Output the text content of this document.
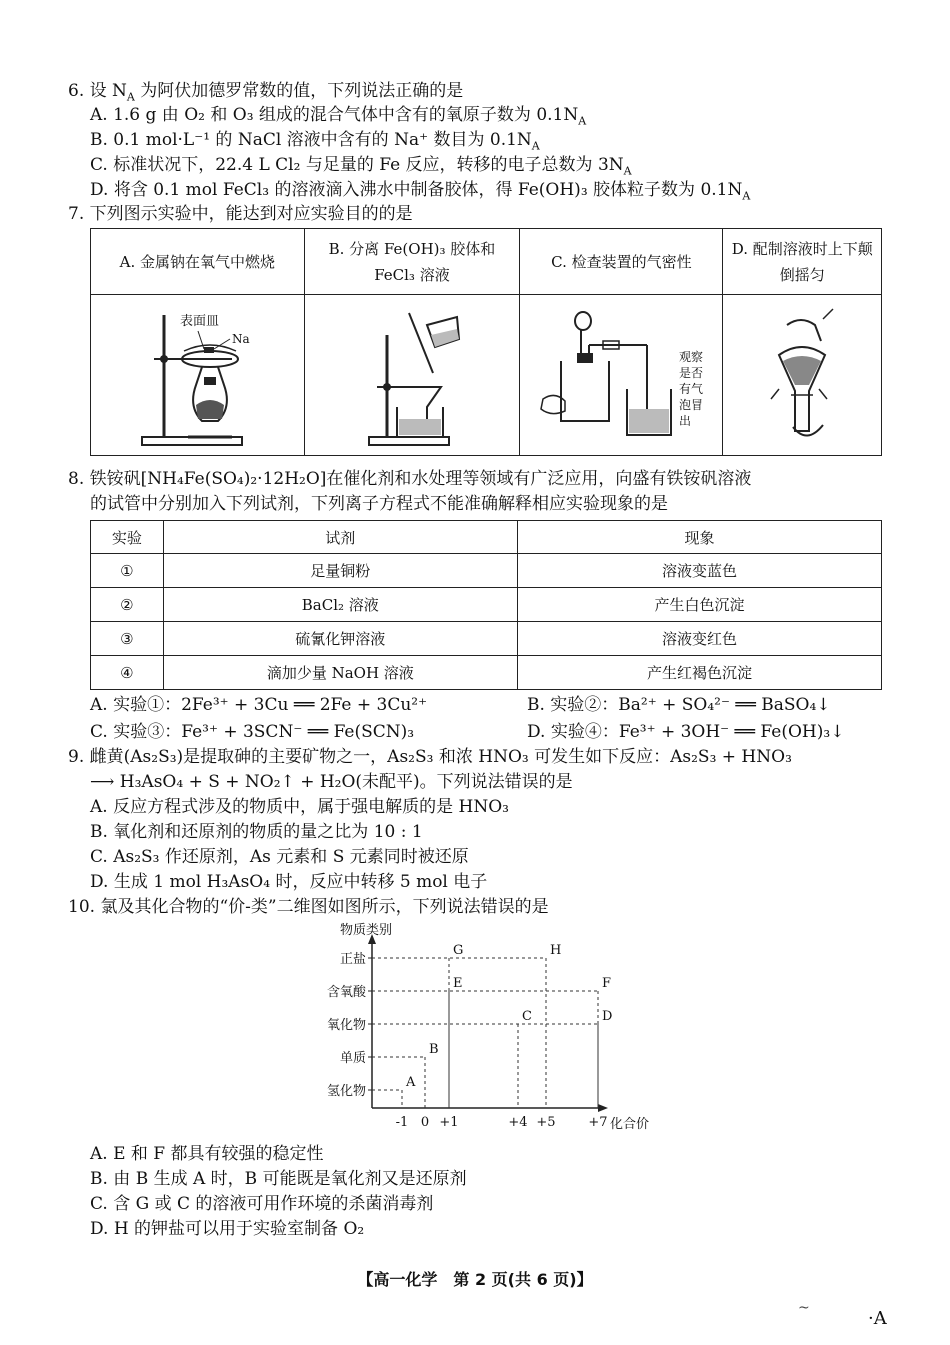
6. 设 $N_A$ 为阿伏加德罗常数的值，下列说法正确的是
A. 1.6 g 由 O₂ 和 O₃ 组成的混合气体中含有的氧原子数为 $0.1N_A$
B. 0.1 mol·L⁻¹ 的 NaCl 溶液中含有的 Na⁺ 数目为 $0.1N_A$
C. 标准状况下，22.4 L Cl₂ 与足量的 Fe 反应，转移的电子总数为 $3N_A$
D. 将含 0.1 mol FeCl₃ 的溶液滴入沸水中制备胶体，得 Fe(OH)₃ 胶体粒子数为 $0.1N_A$
7. 下列图示实验中，能达到对应实验目的的是
A. 金属钠在氧气中燃烧	B. 分离 Fe(OH)₃ 胶体和 FeCl₃ 溶液	C. 检查装置的气密性	D. 配制溶液时上下颠倒摇匀

表面皿
Na		观察
是否
有气
泡冒
出

8. 铁铵矾[NH₄Fe(SO₄)₂·12H₂O]在催化剂和水处理等领域有广泛应用，向盛有铁铵矾溶液
的试管中分别加入下列试剂，下列离子方程式不能准确解释相应实验现象的是
实验	试剂	现象
①	足量铜粉	溶液变蓝色
②	BaCl₂ 溶液	产生白色沉淀
③	硫氰化钾溶液	溶液变红色
④	滴加少量 NaOH 溶液	产生红褐色沉淀
A. 实验①：2Fe³⁺ + 3Cu ══ 2Fe + 3Cu²⁺	B. 实验②：Ba²⁺ + SO₄²⁻ ══ BaSO₄↓
C. 实验③：Fe³⁺ + 3SCN⁻ ══ Fe(SCN)₃	D. 实验④：Fe³⁺ + 3OH⁻ ══ Fe(OH)₃↓
9. 雌黄(As₂S₃)是提取砷的主要矿物之一，As₂S₃ 和浓 HNO₃ 可发生如下反应：As₂S₃ + HNO₃
⟶ H₃AsO₄ + S + NO₂↑ + H₂O(未配平)。下列说法错误的是
A. 反应方程式涉及的物质中，属于强电解质的是 HNO₃
B. 氧化剂和还原剂的物质的量之比为 10 : 1
C. As₂S₃ 作还原剂，As 元素和 S 元素同时被还原
D. 生成 1 mol H₃AsO₄ 时，反应中转移 5 mol 电子
10. 氯及其化合物的“价-类”二维图如图所示，下列说法错误的是
物质类别
化合价
氢化物
单质
氧化物
含氧酸
正盐
-1 0 +1	+4 +5	+7
A
B
C	D
E	F
G	H
A. E 和 F 都具有较强的稳定性
B. 由 B 生成 A 时，B 可能既是氧化剂又是还原剂
C. 含 G 或 C 的溶液可用作环境的杀菌消毒剂
D. H 的钾盐可以用于实验室制备 O₂
【高一化学　第 2 页(共 6 页)】
~	·A
